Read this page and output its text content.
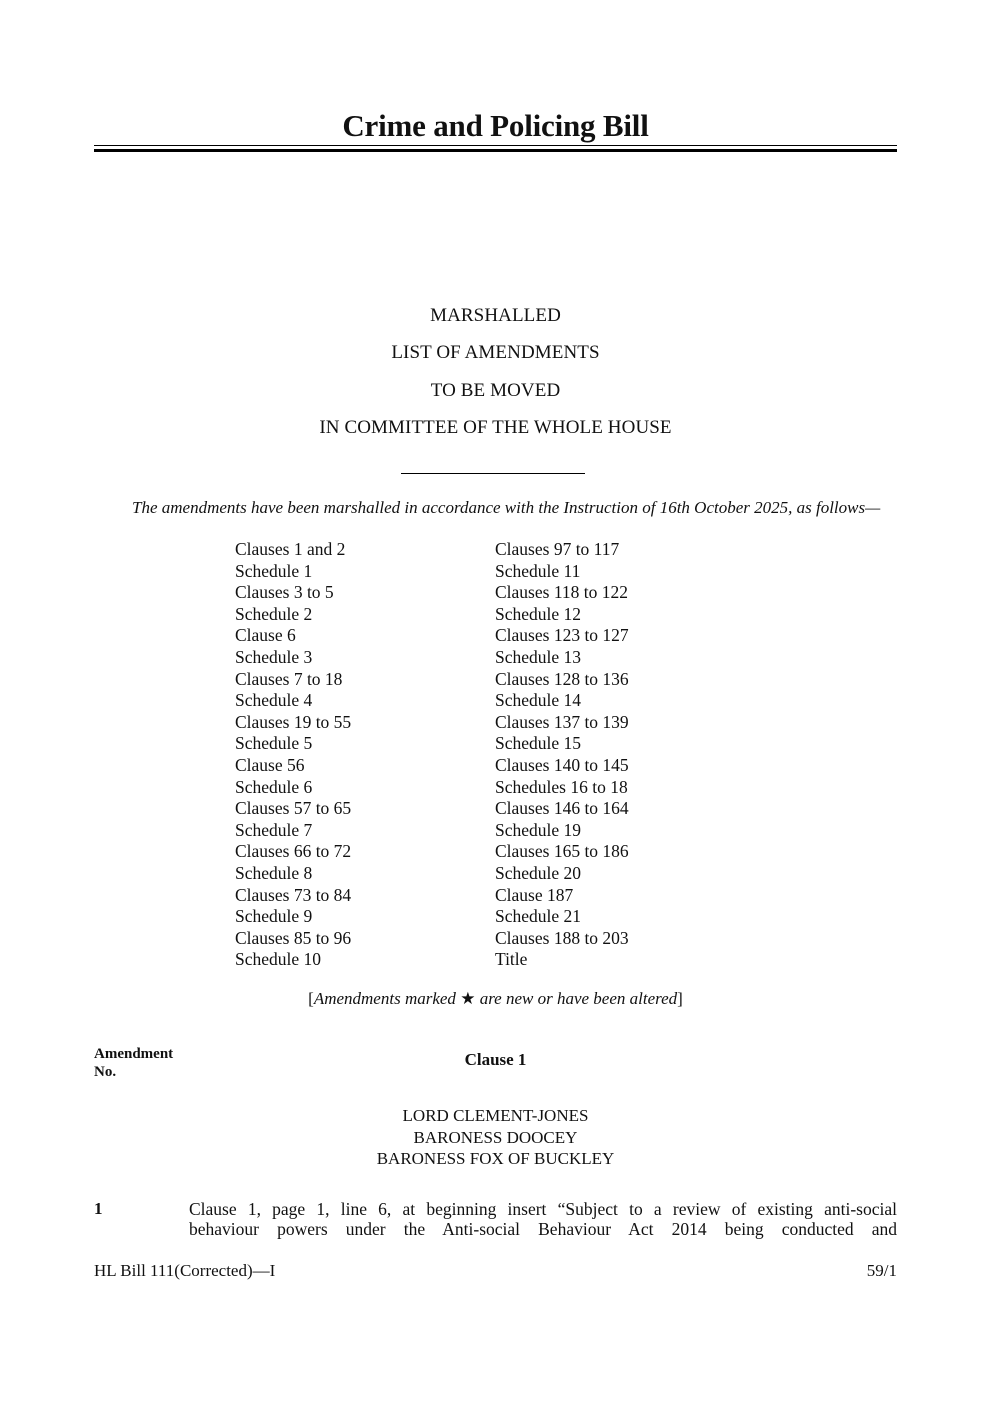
Crime and Policing Bill
MARSHALLED
LIST OF AMENDMENTS
TO BE MOVED
IN COMMITTEE OF THE WHOLE HOUSE
The amendments have been marshalled in accordance with the Instruction of 16th October 2025, as follows—
Clauses 1 and 2
Schedule 1
Clauses 3 to 5
Schedule 2
Clause 6
Schedule 3
Clauses 7 to 18
Schedule 4
Clauses 19 to 55
Schedule 5
Clause 56
Schedule 6
Clauses 57 to 65
Schedule 7
Clauses 66 to 72
Schedule 8
Clauses 73 to 84
Schedule 9
Clauses 85 to 96
Schedule 10
Clauses 97 to 117
Schedule 11
Clauses 118 to 122
Schedule 12
Clauses 123 to 127
Schedule 13
Clauses 128 to 136
Schedule 14
Clauses 137 to 139
Schedule 15
Clauses 140 to 145
Schedules 16 to 18
Clauses 146 to 164
Schedule 19
Clauses 165 to 186
Schedule 20
Clause 187
Schedule 21
Clauses 188 to 203
Title
[Amendments marked ★ are new or have been altered]
Amendment
No.
Clause 1
LORD CLEMENT-JONES
BARONESS DOOCEY
BARONESS FOX OF BUCKLEY
1	Clause 1, page 1, line 6, at beginning insert “Subject to a review of existing anti-social
behaviour powers under the Anti-social Behaviour Act 2014 being conducted and
HL Bill 111(Corrected)—I	59/1
